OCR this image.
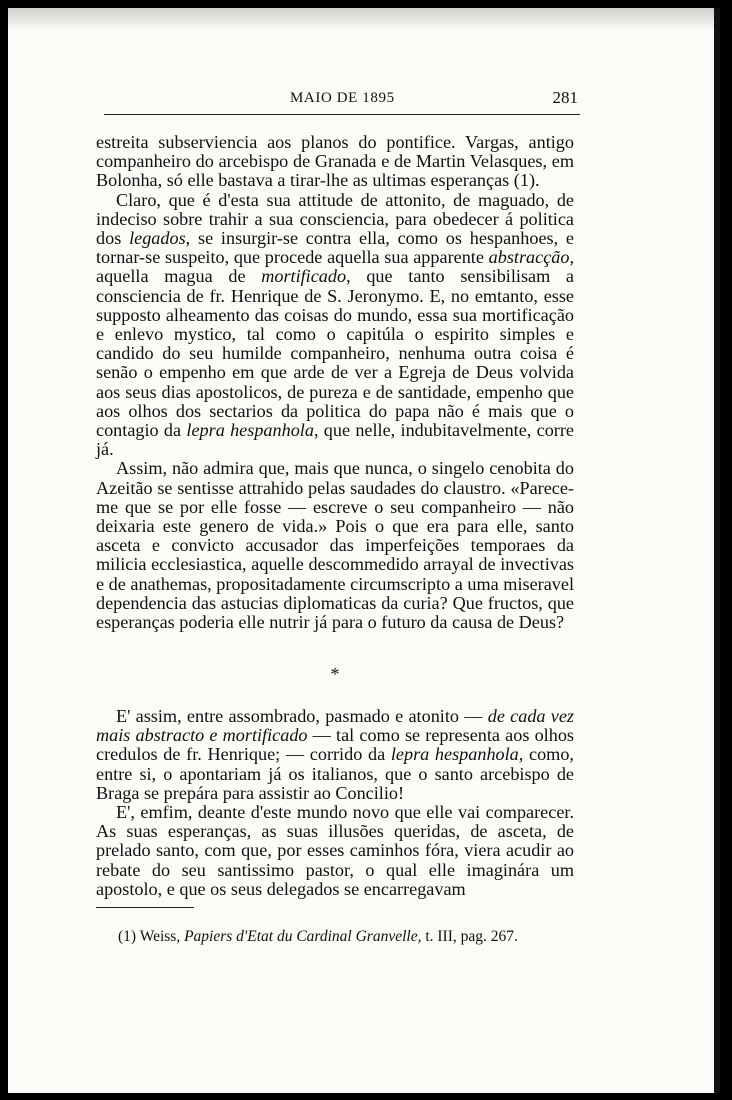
MAIO DE 1895	281

estreita subserviencia aos planos do pontifice. Vargas, antigo companheiro do arcebispo de Granada e de Martin Velasques, em Bolonha, só elle bastava a tirar-lhe as ultimas esperanças (1).

Claro, que é d'esta sua attitude de attonito, de maguado, de indeciso sobre trahir a sua consciencia, para obedecer á politica dos legados, se insurgir-se contra ella, como os hespanhoes, e tornar-se suspeito, que procede aquella sua apparente abstracção, aquella magua de mortificado, que tanto sensibilisam a consciencia de fr. Henrique de S. Jeronymo. E, no emtanto, esse supposto alheamento das coisas do mundo, essa sua mortificação e enlevo mystico, tal como o capitúla o espirito simples e candido do seu humilde companheiro, nenhuma outra coisa é senão o empenho em que arde de ver a Egreja de Deus volvida aos seus dias apostolicos, de pureza e de santidade, empenho que aos olhos dos sectarios da politica do papa não é mais que o contagio da lepra hespanhola, que nelle, indubitavelmente, corre já.

Assim, não admira que, mais que nunca, o singelo cenobita do Azeitão se sentisse attrahido pelas saudades do claustro. «Parece-me que se por elle fosse — escreve o seu companheiro — não deixaria este genero de vida.» Pois o que era para elle, santo asceta e convicto accusador das imperfeições temporaes da milicia ecclesiastica, aquelle descommedido arrayal de invectivas e de anathemas, propositadamente circumscripto a uma miseravel dependencia das astucias diplomaticas da curia? Que fructos, que esperanças poderia elle nutrir já para o futuro da causa de Deus?

*

E' assim, entre assombrado, pasmado e atonito — de cada vez mais abstracto e mortificado — tal como se representa aos olhos credulos de fr. Henrique; — corrido da lepra hespanhola, como, entre si, o apontariam já os italianos, que o santo arcebispo de Braga se prepára para assistir ao Concilio!

E', emfim, deante d'este mundo novo que elle vai comparecer. As suas esperanças, as suas illusões queridas, de asceta, de prelado santo, com que, por esses caminhos fóra, viera acudir ao rebate do seu santissimo pastor, o qual elle imaginára um apostolo, e que os seus delegados se encarregavam

(1) Weiss, Papiers d'Etat du Cardinal Granvelle, t. III, pag. 267.
